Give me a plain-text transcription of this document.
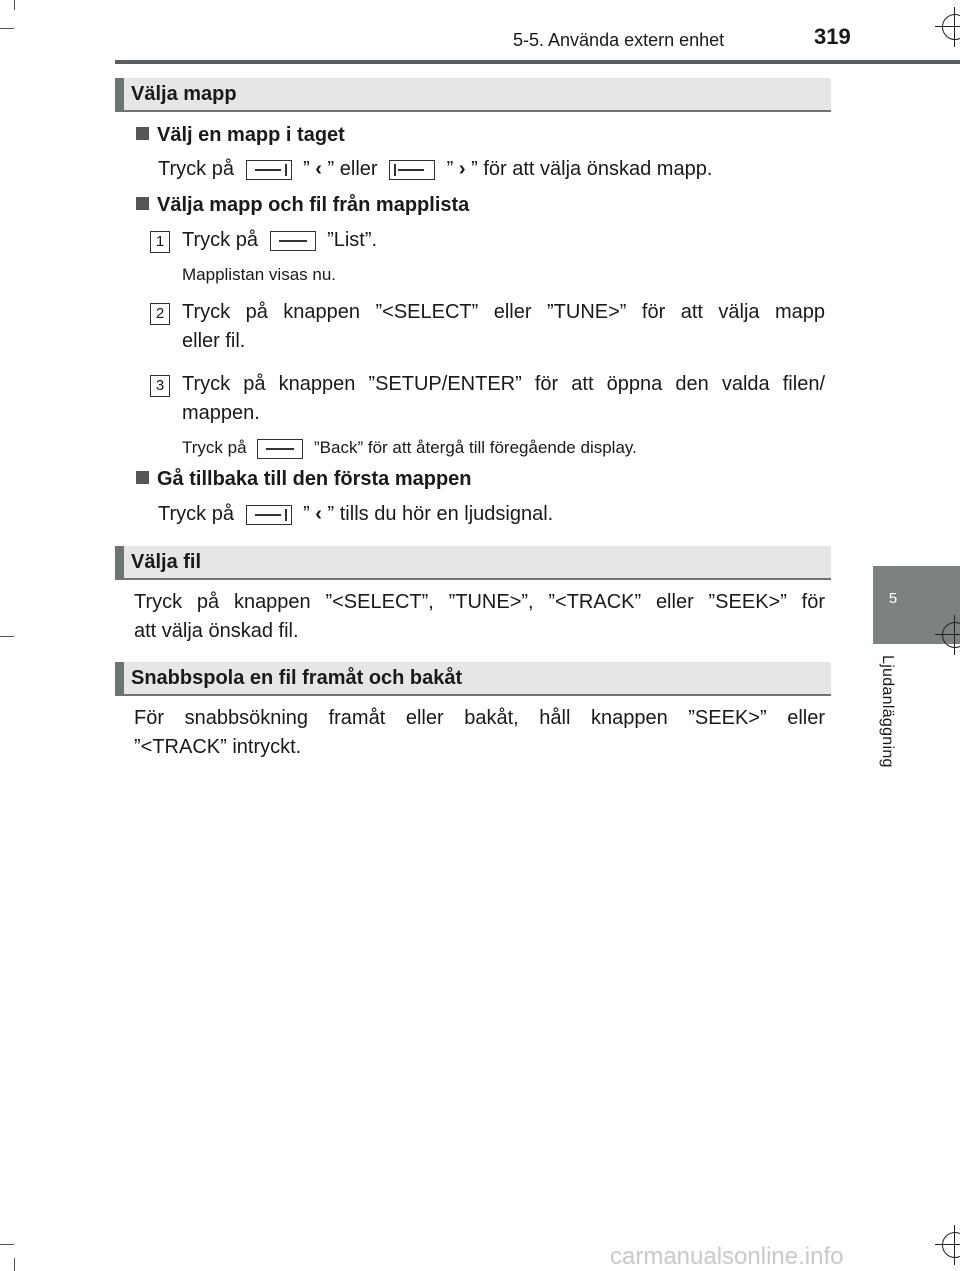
5-5. Använda extern enhet	319
5
Ljudanläggning
Välja mapp
Välj en mapp i taget
Tryck på	” ‹ ” eller	” › ” för att välja önskad mapp.
Välja mapp och fil från mapplista
1 Tryck på	”List”.
Mapplistan visas nu.
2 Tryck på knappen ”<SELECT” eller ”TUNE>” för att välja mapp
eller fil.
3 Tryck på knappen ”SETUP/ENTER” för att öppna den valda filen/
mappen.
Tryck på	”Back” för att återgå till föregående display.
Gå tillbaka till den första mappen
Tryck på	” ‹ ” tills du hör en ljudsignal.
Välja fil
Tryck på knappen ”<SELECT”, ”TUNE>”, ”<TRACK” eller ”SEEK>” för
att välja önskad fil.
Snabbspola en fil framåt och bakåt
För snabbsökning framåt eller bakåt, håll knappen ”SEEK>” eller
”<TRACK” intryckt.
carmanualsonline.info
